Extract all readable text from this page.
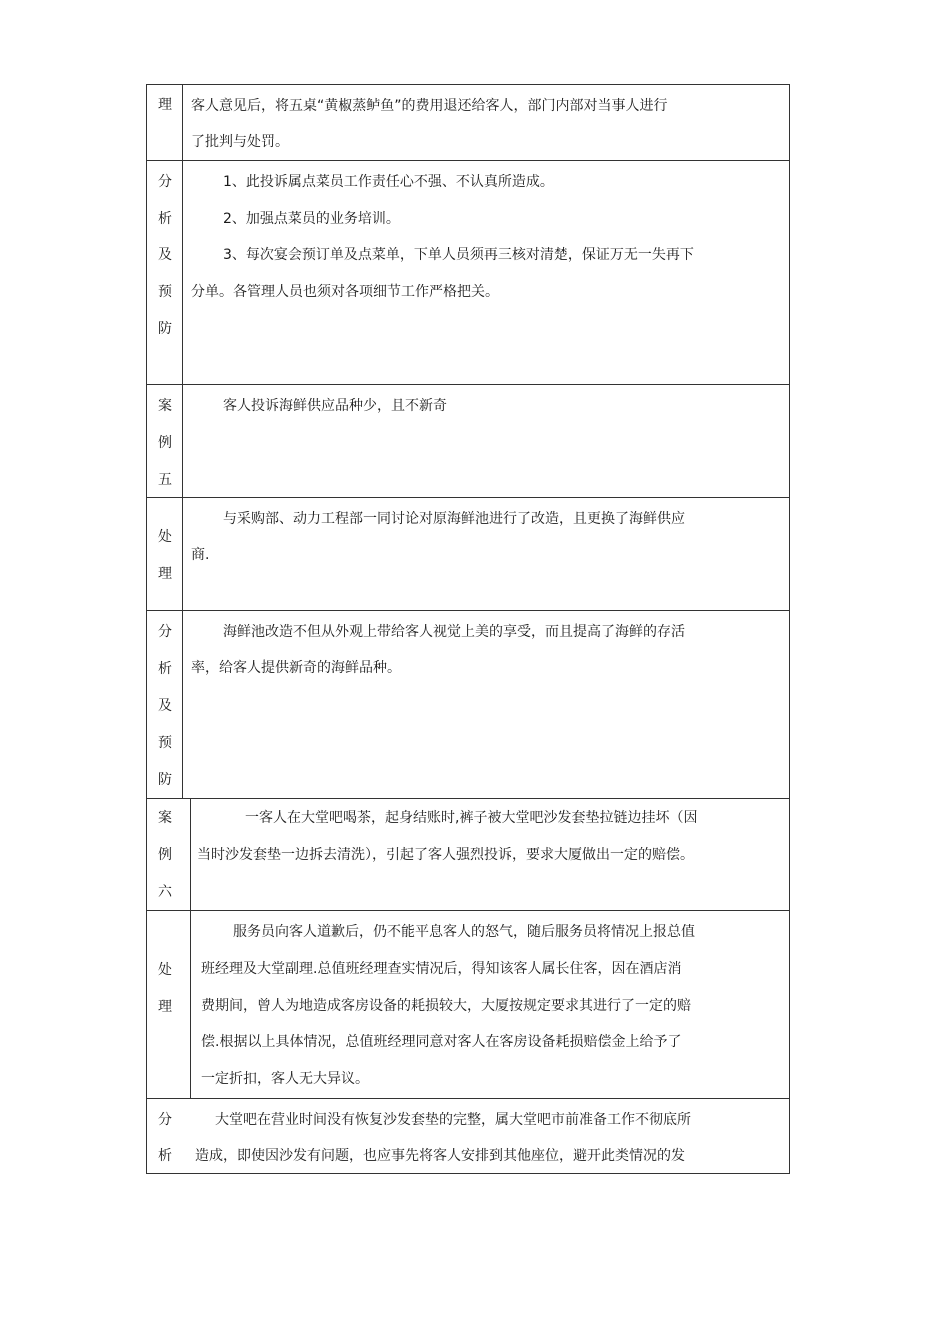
理	客人意见后，将五桌“黄椒蒸鲈鱼”的费用退还给客人，部门内部对当事人进行
了批判与处罚。
分
析
及
预
防
1、此投诉属点菜员工作责任心不强、不认真所造成。
2、加强点菜员的业务培训。
3、每次宴会预订单及点菜单，下单人员须再三核对清楚，保证万无一失再下
分单。各管理人员也须对各项细节工作严格把关。
案
例
五
客人投诉海鲜供应品种少，且不新奇
处
理
与采购部、动力工程部一同讨论对原海鲜池进行了改造，且更换了海鲜供应
商.
分
析
及
预
防
海鲜池改造不但从外观上带给客人视觉上美的享受，而且提高了海鲜的存活
率，给客人提供新奇的海鲜品种。
案
例
六
一客人在大堂吧喝茶，起身结账时,裤子被大堂吧沙发套垫拉链边挂坏（因
当时沙发套垫一边拆去清洗），引起了客人强烈投诉，要求大厦做出一定的赔偿。
处
理
服务员向客人道歉后，仍不能平息客人的怒气，随后服务员将情况上报总值
班经理及大堂副理.总值班经理查实情况后，得知该客人属长住客，因在酒店消
费期间，曾人为地造成客房设备的耗损较大，大厦按规定要求其进行了一定的赔
偿.根据以上具体情况，总值班经理同意对客人在客房设备耗损赔偿金上给予了
一定折扣，客人无大异议。
分
析
大堂吧在营业时间没有恢复沙发套垫的完整，属大堂吧市前准备工作不彻底所
造成，即使因沙发有问题，也应事先将客人安排到其他座位，避开此类情况的发
